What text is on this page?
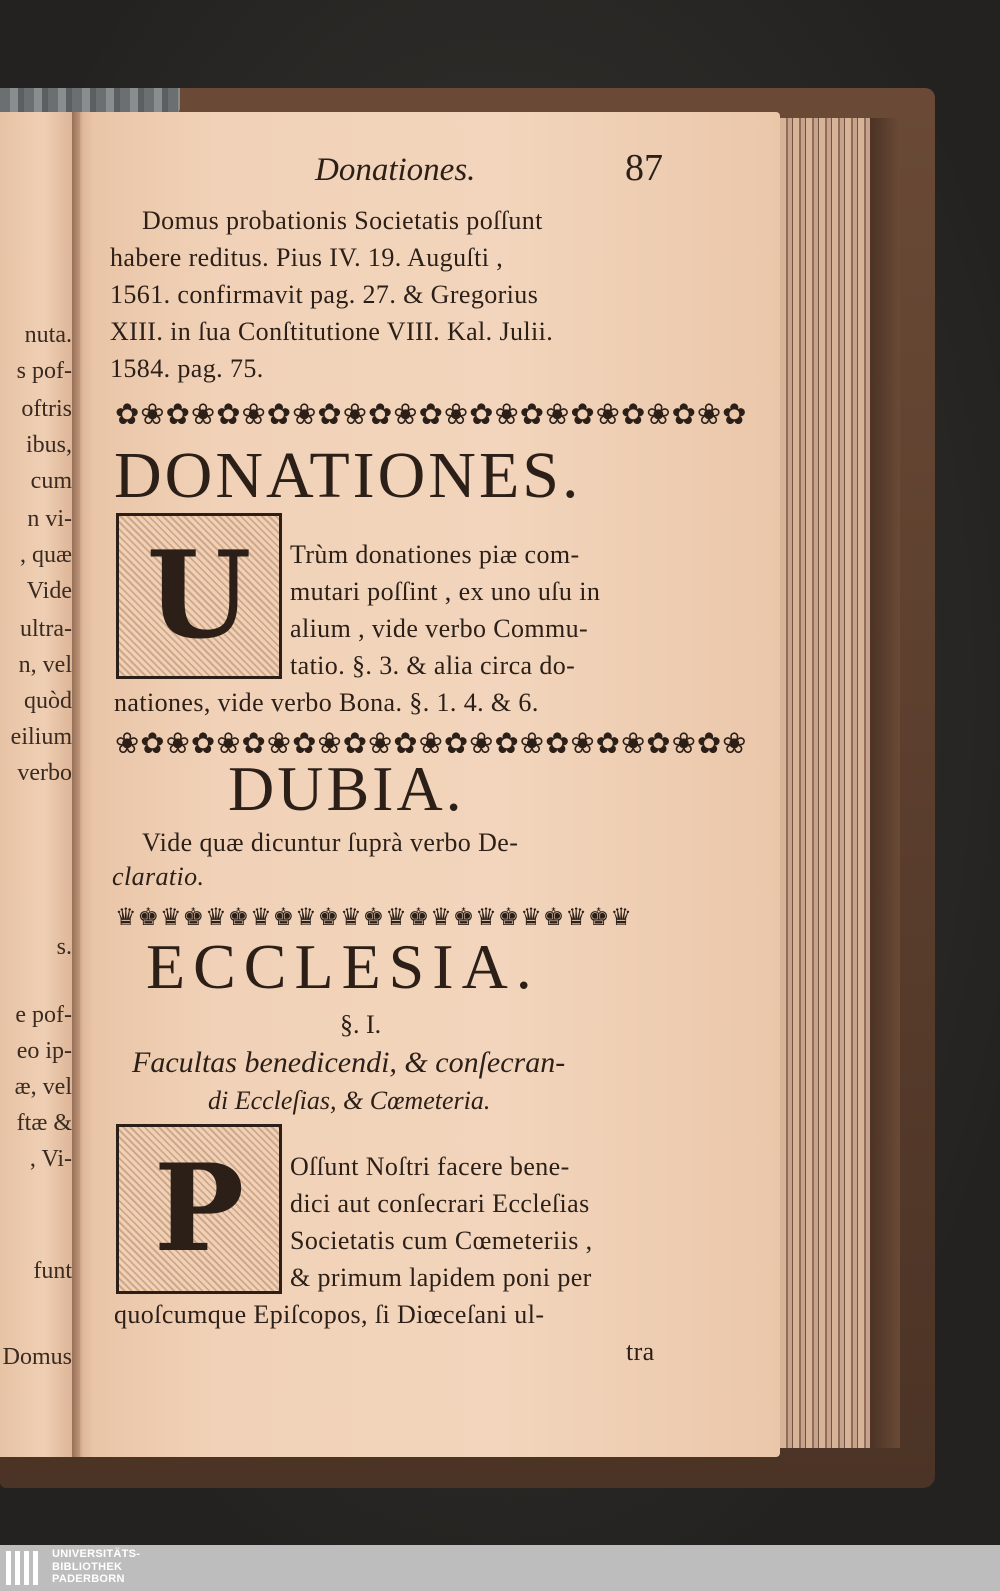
nuta.
s pof-
oftris
ibus,
cum
n vi-
, quæ
Vide
ultra-
n, vel
quòd
eilium
verbo
s.
e pof-
eo ip-
æ, vel
ftæ &
, Vi-
funt
Domus
Donationes.	87
Domus probationis Societatis poſſunt
habere reditus. Pius IV. 19. Auguſti ,
1561. confirmavit pag. 27. & Gregorius
XIII. in ſua Conſtitutione VIII. Kal. Julii.
1584. pag. 75.
✿❀✿❀✿❀✿❀✿❀✿❀✿❀✿❀✿❀✿❀✿❀✿❀✿
DONATIONES.
U Trùm donationes piæ com-
mutari poſſint , ex uno uſu in
alium , vide verbo Commu-
tatio. §. 3. & alia circa do-
nationes, vide verbo Bona. §. 1. 4. & 6.
❀✿❀✿❀✿❀✿❀✿❀✿❀✿❀✿❀✿❀✿❀✿❀✿❀
DUBIA.
Vide quæ dicuntur ſuprà verbo De-
claratio.
♛♚♛♚♛♚♛♚♛♚♛♚♛♚♛♚♛♚♛♚♛♚♛
ECCLESIA.
§. I.
Facultas benedicendi, & conſecran-
di Eccleſias, & Cœmeteria.
P Oſſunt Noſtri facere bene-
dici aut conſecrari Eccleſias
Societatis cum Cœmeteriis ,
& primum lapidem poni per
quoſcumque Epiſcopos, ſi Diœceſani ul-
tra
UNIVERSITÄTS-
BIBLIOTHEK
PADERBORN
